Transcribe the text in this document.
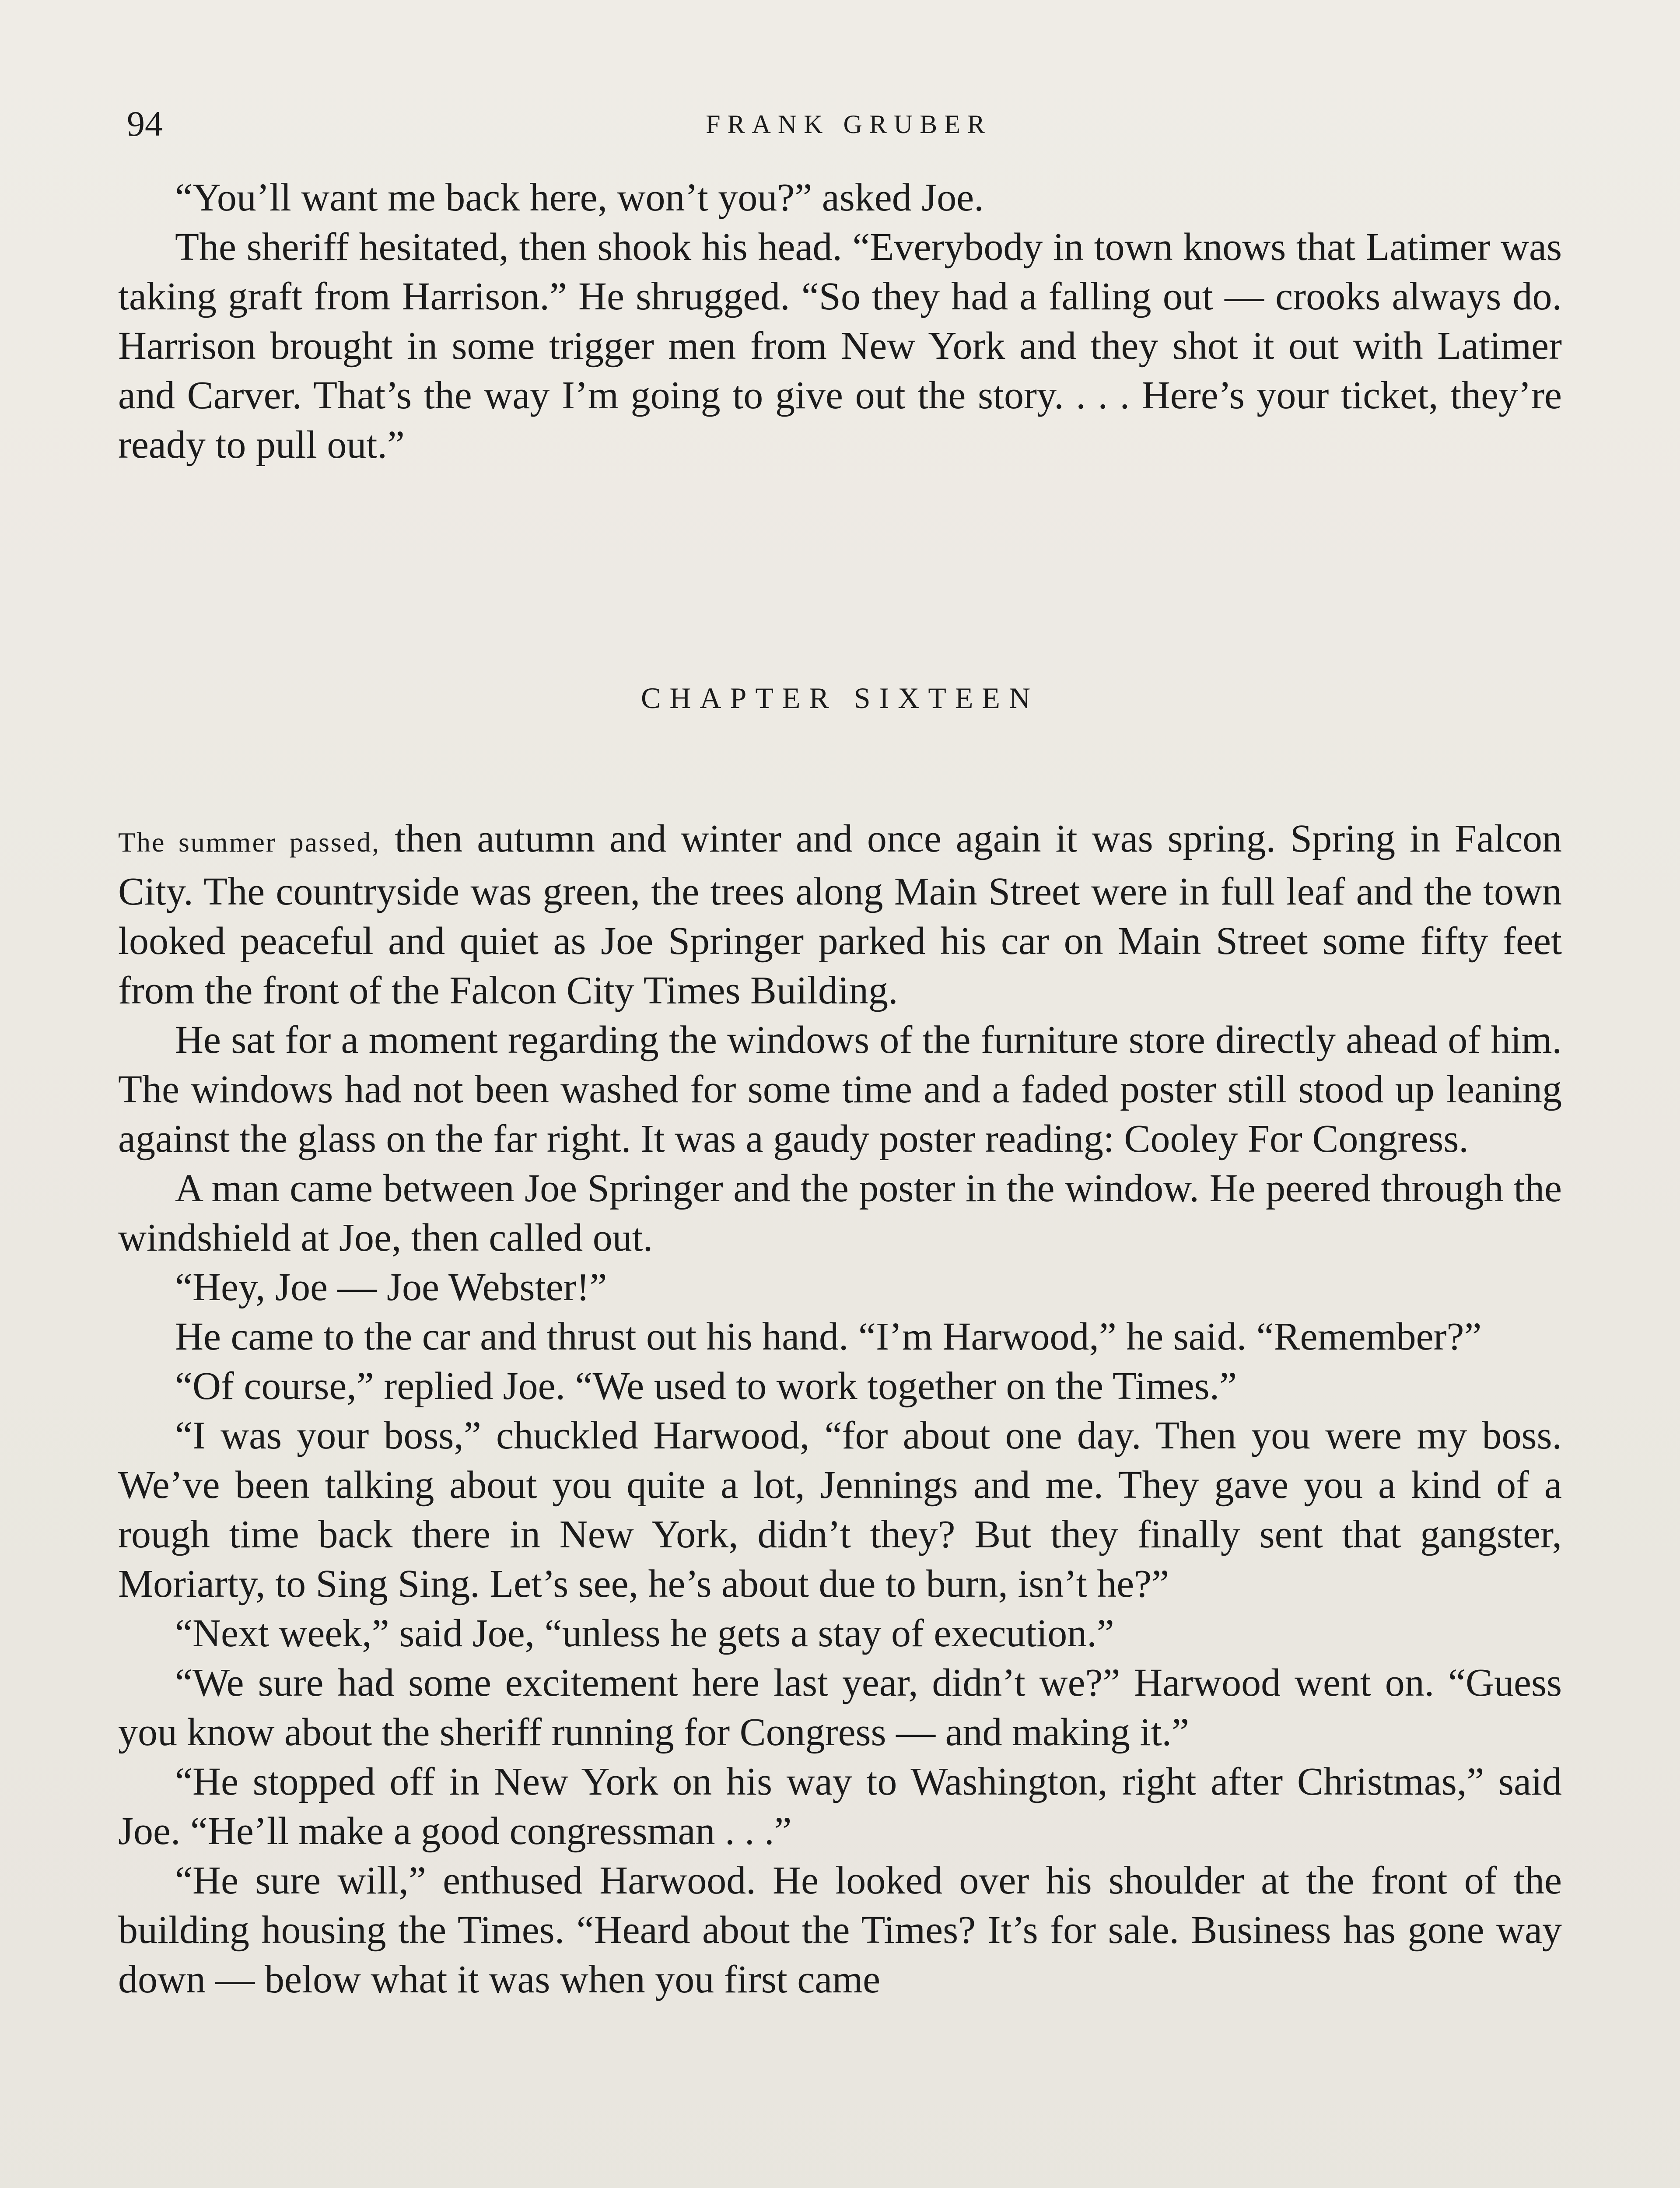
94	FRANK GRUBER

“You’ll want me back here, won’t you?” asked Joe.

The sheriff hesitated, then shook his head. “Everybody in town knows that Latimer was taking graft from Harrison.” He shrugged. “So they had a falling out — crooks always do. Harrison brought in some trigger men from New York and they shot it out with Latimer and Carver. That’s the way I’m going to give out the story. . . . Here’s your ticket, they’re ready to pull out.”

CHAPTER SIXTEEN

The summer passed, then autumn and winter and once again it was spring. Spring in Falcon City. The countryside was green, the trees along Main Street were in full leaf and the town looked peaceful and quiet as Joe Springer parked his car on Main Street some fifty feet from the front of the Falcon City Times Building.

He sat for a moment regarding the windows of the furniture store directly ahead of him. The windows had not been washed for some time and a faded poster still stood up leaning against the glass on the far right. It was a gaudy poster reading: Cooley For Congress.

A man came between Joe Springer and the poster in the window. He peered through the windshield at Joe, then called out.

“Hey, Joe — Joe Webster!”

He came to the car and thrust out his hand. “I’m Harwood,” he said. “Remember?”

“Of course,” replied Joe. “We used to work together on the Times.”

“I was your boss,” chuckled Harwood, “for about one day. Then you were my boss. We’ve been talking about you quite a lot, Jennings and me. They gave you a kind of a rough time back there in New York, didn’t they? But they finally sent that gangster, Moriarty, to Sing Sing. Let’s see, he’s about due to burn, isn’t he?”

“Next week,” said Joe, “unless he gets a stay of execution.”

“We sure had some excitement here last year, didn’t we?” Harwood went on. “Guess you know about the sheriff running for Congress — and making it.”

“He stopped off in New York on his way to Washington, right after Christmas,” said Joe. “He’ll make a good congressman . . .”

“He sure will,” enthused Harwood. He looked over his shoulder at the front of the building housing the Times. “Heard about the Times? It’s for sale. Business has gone way down — below what it was when you first came
